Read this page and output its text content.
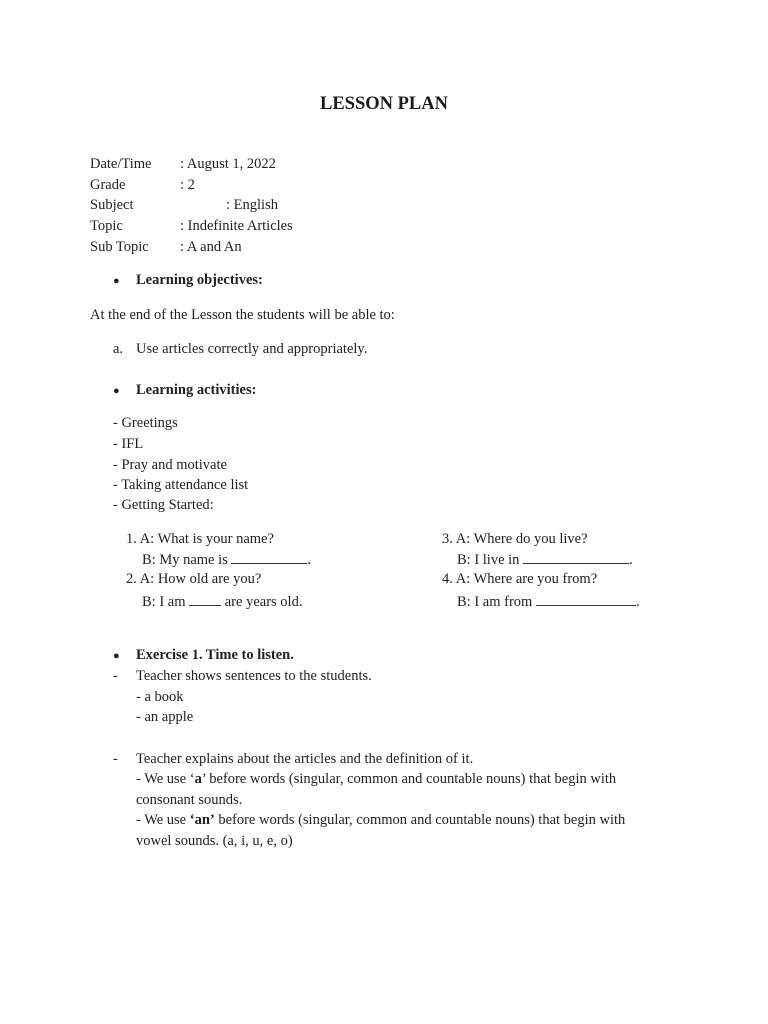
LESSON PLAN
Date/Time : August 1, 2022
Grade	: 2
Subject	: English
Topic	: Indefinite Articles
Sub Topic : A and An
● Learning objectives:
At the end of the Lesson the students will be able to:
a. Use articles correctly and appropriately.
● Learning activities:
- Greetings
- IFL
- Pray and motivate
- Taking attendance list
- Getting Started:
1. A: What is your name?
B: My name is	.
2. A: How old are you?
B: I am	are years old.
3. A: Where do you live?
B: I live in	.
4. A: Where are you from?
B: I am from	.
● Exercise 1. Time to listen.
- Teacher shows sentences to the students.
- a book
- an apple
- Teacher explains about the articles and the definition of it.
- We use ‘a’ before words (singular, common and countable nouns) that begin with
consonant sounds.
- We use ‘an’ before words (singular, common and countable nouns) that begin with
vowel sounds. (a, i, u, e, o)
